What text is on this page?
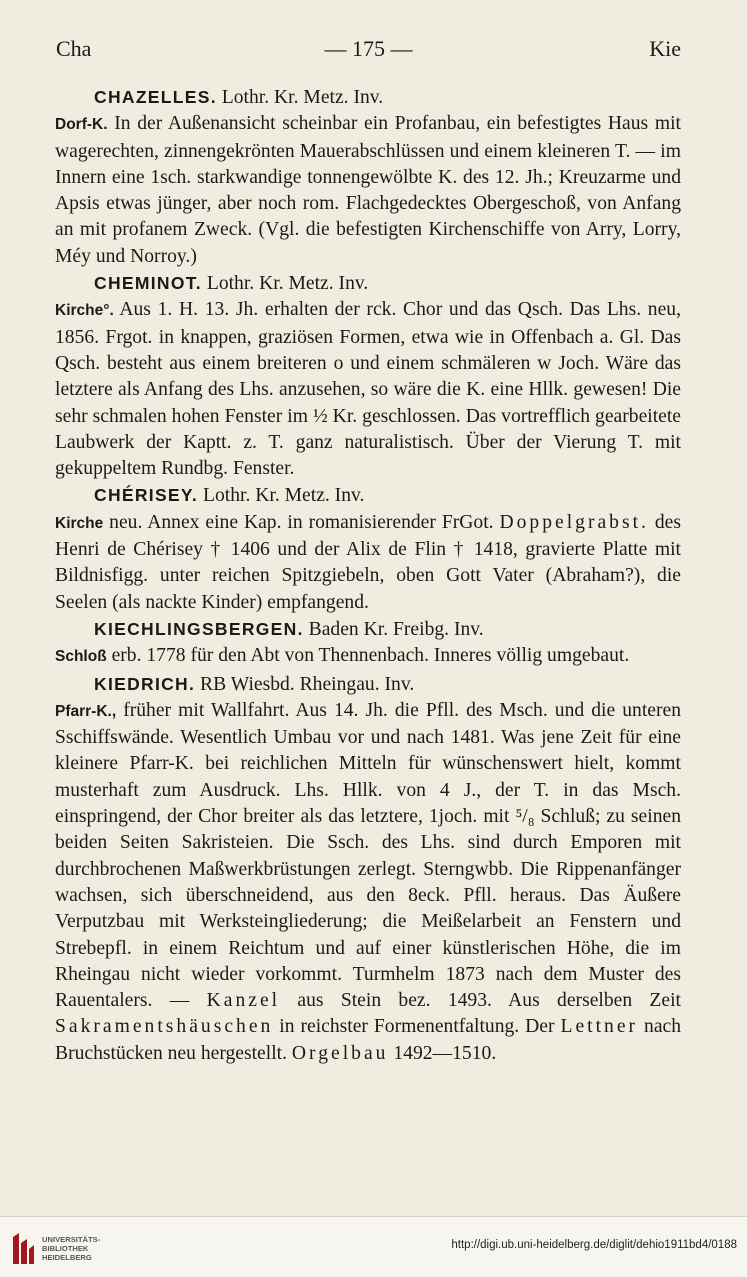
Cha	— 175 —	Kie

CHAZELLES. Lothr. Kr. Metz. Inv.

Dorf-K. In der Außenansicht scheinbar ein Profanbau, ein befestigtes Haus mit wagerechten, zinnengekrönten Mauerabschlüssen und einem kleineren T. — im Innern eine 1sch. starkwandige tonnengewölbte K. des 12. Jh.; Kreuzarme und Apsis etwas jünger, aber noch rom. Flachgedecktes Obergeschoß, von Anfang an mit profanem Zweck. (Vgl. die befestigten Kirchenschiffe von Arry, Lorry, Méy und Norroy.)

CHEMINOT. Lothr. Kr. Metz. Inv.

Kirche°. Aus 1. H. 13. Jh. erhalten der rck. Chor und das Qsch. Das Lhs. neu, 1856. Frgot. in knappen, graziösen Formen, etwa wie in Offenbach a. Gl. Das Qsch. besteht aus einem breiteren o und einem schmäleren w Joch. Wäre das letztere als Anfang des Lhs. anzusehen, so wäre die K. eine Hllk. gewesen! Die sehr schmalen hohen Fenster im ½ Kr. geschlossen. Das vortrefflich gearbeitete Laubwerk der Kaptt. z. T. ganz naturalistisch. Über der Vierung T. mit gekuppeltem Rundbg. Fenster.

CHÉRISEY. Lothr. Kr. Metz. Inv.

Kirche neu. Annex eine Kap. in romanisierender FrGot. Doppelgrabst. des Henri de Chérisey † 1406 und der Alix de Flin † 1418, gravierte Platte mit Bildnisfigg. unter reichen Spitzgiebeln, oben Gott Vater (Abraham?), die Seelen (als nackte Kinder) empfangend.

KIECHLINGSBERGEN. Baden Kr. Freibg. Inv.

Schloß erb. 1778 für den Abt von Thennenbach. Inneres völlig umgebaut.

KIEDRICH. RB Wiesbd. Rheingau. Inv.

Pfarr-K., früher mit Wallfahrt. Aus 14. Jh. die Pfll. des Msch. und die unteren Sschiffswände. Wesentlich Umbau vor und nach 1481. Was jene Zeit für eine kleinere Pfarr-K. bei reichlichen Mitteln für wünschenswert hielt, kommt musterhaft zum Ausdruck. Lhs. Hllk. von 4 J., der T. in das Msch. einspringend, der Chor breiter als das letztere, 1joch. mit ⁵/₈ Schluß; zu seinen beiden Seiten Sakristeien. Die Ssch. des Lhs. sind durch Emporen mit durchbrochenen Maßwerkbrüstungen zerlegt. Sterngwbb. Die Rippenanfänger wachsen, sich überschneidend, aus den 8eck. Pfll. heraus. Das Äußere Verputzbau mit Werksteingliederung; die Meißelarbeit an Fenstern und Strebepfl. in einem Reichtum und auf einer künstlerischen Höhe, die im Rheingau nicht wieder vorkommt. Turmhelm 1873 nach dem Muster des Rauentalers. — Kanzel aus Stein bez. 1493. Aus derselben Zeit Sakramentshäuschen in reichster Formenentfaltung. Der Lettner nach Bruchstücken neu hergestellt. Orgelbau 1492—1510.

UNIVERSITÄTS-
BIBLIOTHEK
HEIDELBERG
http://digi.ub.uni-heidelberg.de/diglit/dehio1911bd4/0188
